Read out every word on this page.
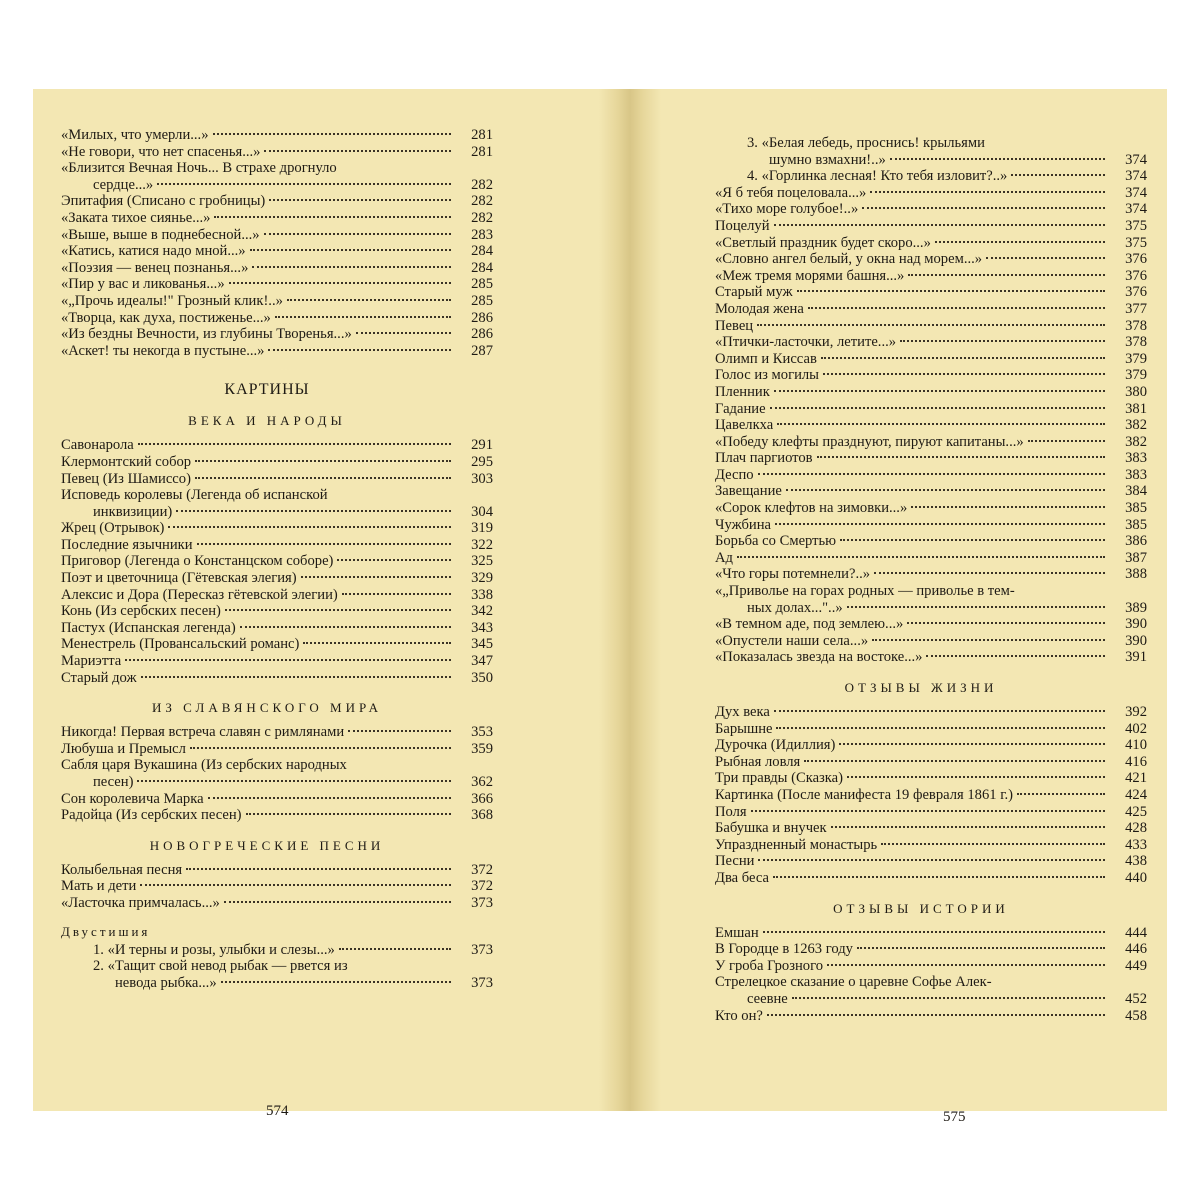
«Милых, что умерли...»	281
«Не говори, что нет спасенья...»	281
«Близится Вечная Ночь... В страхе дрогнуло
сердце...»	282
Эпитафия (Списано с гробницы)	282
«Заката тихое сиянье...»	282
«Выше, выше в поднебесной...»	283
«Катись, катися надо мной...»	284
«Поэзия — венец познанья...»	284
«Пир у вас и ликованья...»	285
«„Прочь идеалы!" Грозный клик!..»	285
«Творца, как духа, постиженье...»	286
«Из бездны Вечности, из глубины Творенья...»	286
«Аскет! ты некогда в пустыне...»	287
КАРТИНЫ
ВЕКА И НАРОДЫ
Савонарола	291
Клермонтский собор	295
Певец (Из Шамиссо)	303
Исповедь королевы (Легенда об испанской
инквизиции)	304
Жрец (Отрывок)	319
Последние язычники	322
Приговор (Легенда о Констанцском соборе)	325
Поэт и цветочница (Гётевская элегия)	329
Алексис и Дора (Пересказ гётевской элегии)	338
Конь (Из сербских песен)	342
Пастух (Испанская легенда)	343
Менестрель (Провансальский романс)	345
Мариэтта	347
Старый дож	350
ИЗ СЛАВЯНСКОГО МИРА
Никогда! Первая встреча славян с римлянами	353
Любуша и Премысл	359
Сабля царя Вукашина (Из сербских народных
песен)	362
Сон королевича Марка	366
Радойца (Из сербских песен)	368
НОВОГРЕЧЕСКИЕ ПЕСНИ
Колыбельная песня	372
Мать и дети	372
«Ласточка примчалась...»	373
Двустишия
1. «И терны и розы, улыбки и слезы...»	373
2. «Тащит свой невод рыбак — рвется из
невода рыбка...»	373
574
3. «Белая лебедь, проснись! крыльями
шумно взмахни!..»	374
4. «Горлинка лесная! Кто тебя изловит?..»	374
«Я б тебя поцеловала...»	374
«Тихо море голубое!..»	374
Поцелуй	375
«Светлый праздник будет скоро...»	375
«Словно ангел белый, у окна над морем...»	376
«Меж тремя морями башня...»	376
Старый муж	376
Молодая жена	377
Певец	378
«Птички-ласточки, летите...»	378
Олимп и Киссав	379
Голос из могилы	379
Пленник	380
Гадание	381
Цавелкха	382
«Победу клефты празднуют, пируют капитаны...»	382
Плач паргиотов	383
Деспо	383
Завещание	384
«Сорок клефтов на зимовки...»	385
Чужбина	385
Борьба со Смертью	386
Ад	387
«Что горы потемнели?..»	388
«„Приволье на горах родных — приволье в тем-
ных долах..."..»	389
«В темном аде, под землею...»	390
«Опустели наши села...»	390
«Показалась звезда на востоке...»	391
ОТЗЫВЫ ЖИЗНИ
Дух века	392
Барышне	402
Дурочка (Идиллия)	410
Рыбная ловля	416
Три правды (Сказка)	421
Картинка (После манифеста 19 февраля 1861 г.)	424
Поля	425
Бабушка и внучек	428
Упраздненный монастырь	433
Песни	438
Два беса	440
ОТЗЫВЫ ИСТОРИИ
Емшан	444
В Городце в 1263 году	446
У гроба Грозного	449
Стрелецкое сказание о царевне Софье Алек-
сеевне	452
Кто он?	458
575
